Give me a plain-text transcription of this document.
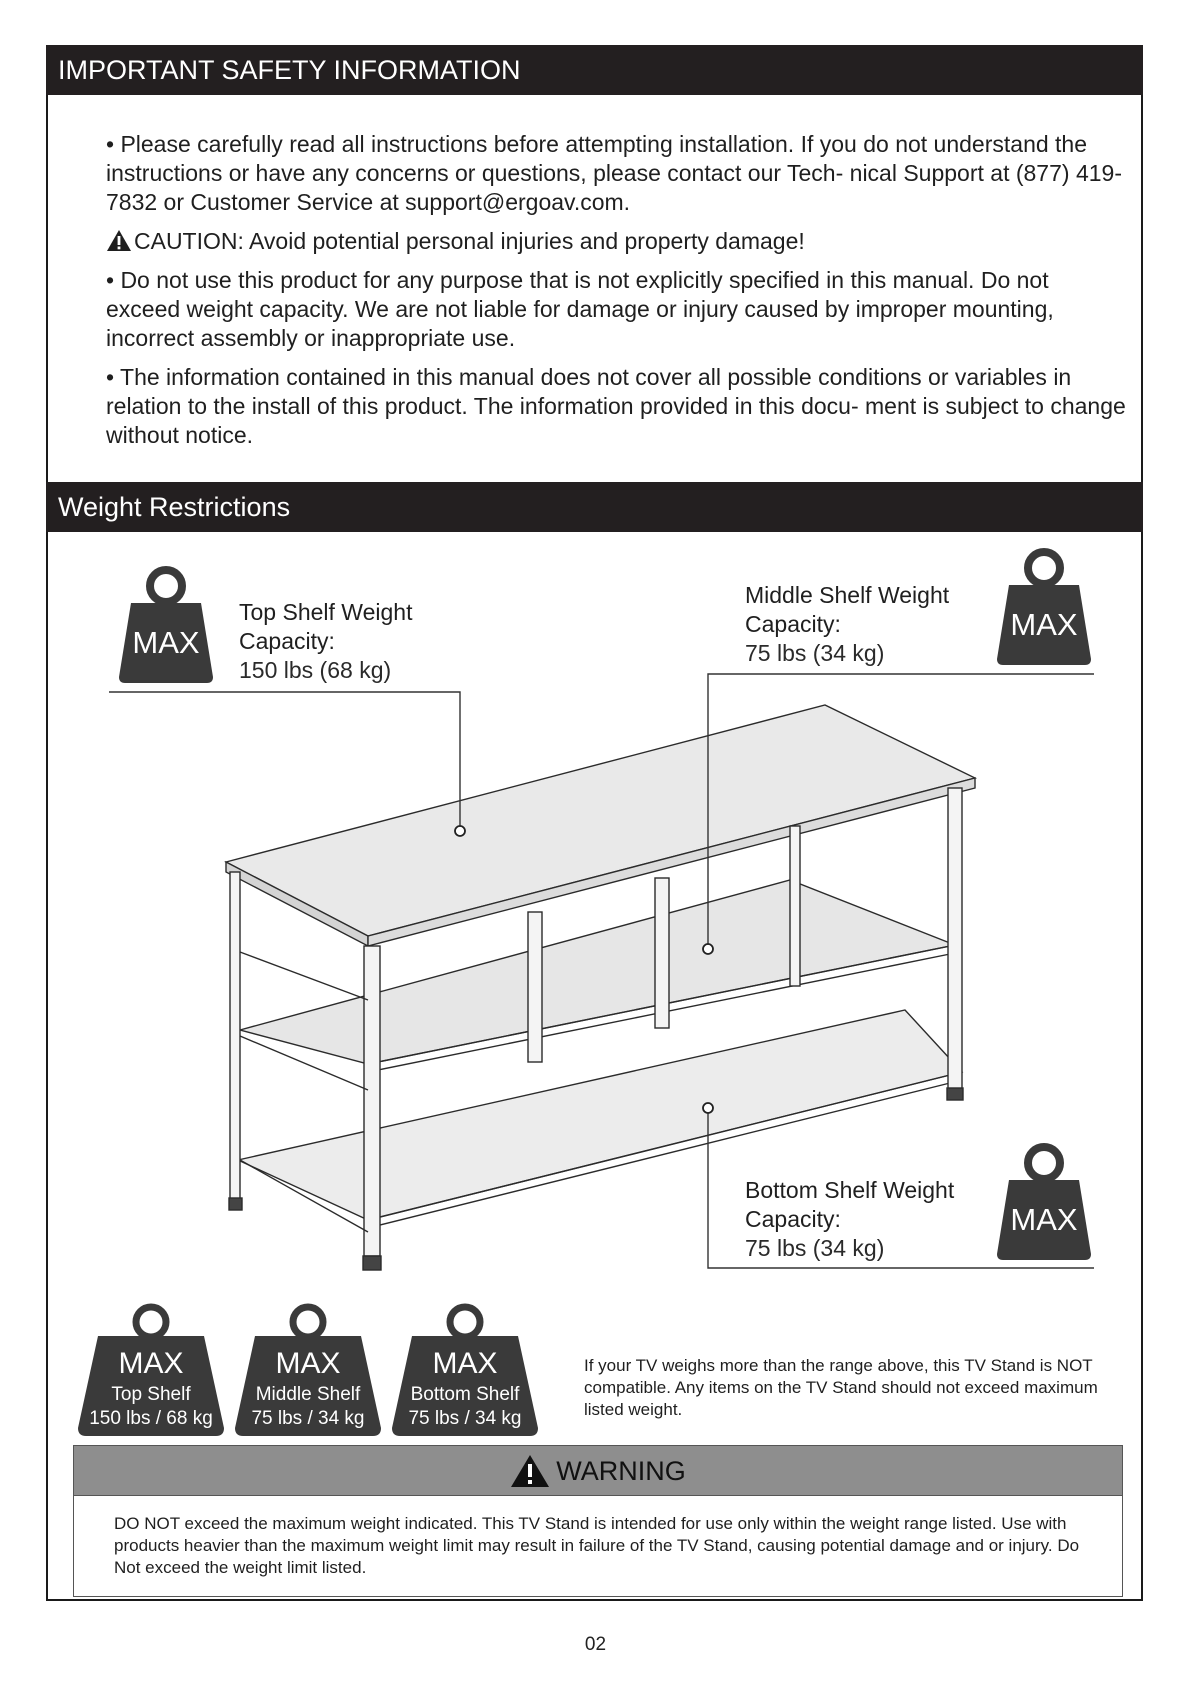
IMPORTANT SAFETY INFORMATION

• Please carefully read all instructions before attempting installation. If you do not understand the instructions or have any concerns or questions, please contact our Tech- nical Support at (877) 419-7832 or Customer Service at support@ergoav.com.

CAUTION: Avoid potential personal injuries and property damage!

• Do not use this product for any purpose that is not explicitly specified in this manual. Do not exceed weight capacity. We are not liable for damage or injury caused by improper mounting, incorrect assembly or inappropriate use.

• The information contained in this manual does not cover all possible conditions or variables in relation to the install of this product. The information provided in this docu- ment is subject to change without notice.

Weight Restrictions
MAX
Top Shelf Weight
Capacity:
150 lbs (68 kg)
Middle Shelf Weight
Capacity:
75 lbs (34 kg)
MAX
Bottom Shelf Weight
Capacity:
75 lbs (34 kg)
MAX
MAX
Top Shelf
150 lbs / 68 kg
MAX
Middle Shelf
75 lbs / 34 kg
MAX
Bottom Shelf
75 lbs / 34 kg
If your TV weighs more than the range above, this TV Stand is NOT compatible. Any items on the TV Stand should not exceed maximum listed weight.
WARNING
DO NOT exceed the maximum weight indicated. This TV Stand is intended for use only within the weight range listed. Use with products heavier than the maximum weight limit may result in failure of the TV Stand, causing potential damage and or injury. Do Not exceed the weight limit listed.
02
